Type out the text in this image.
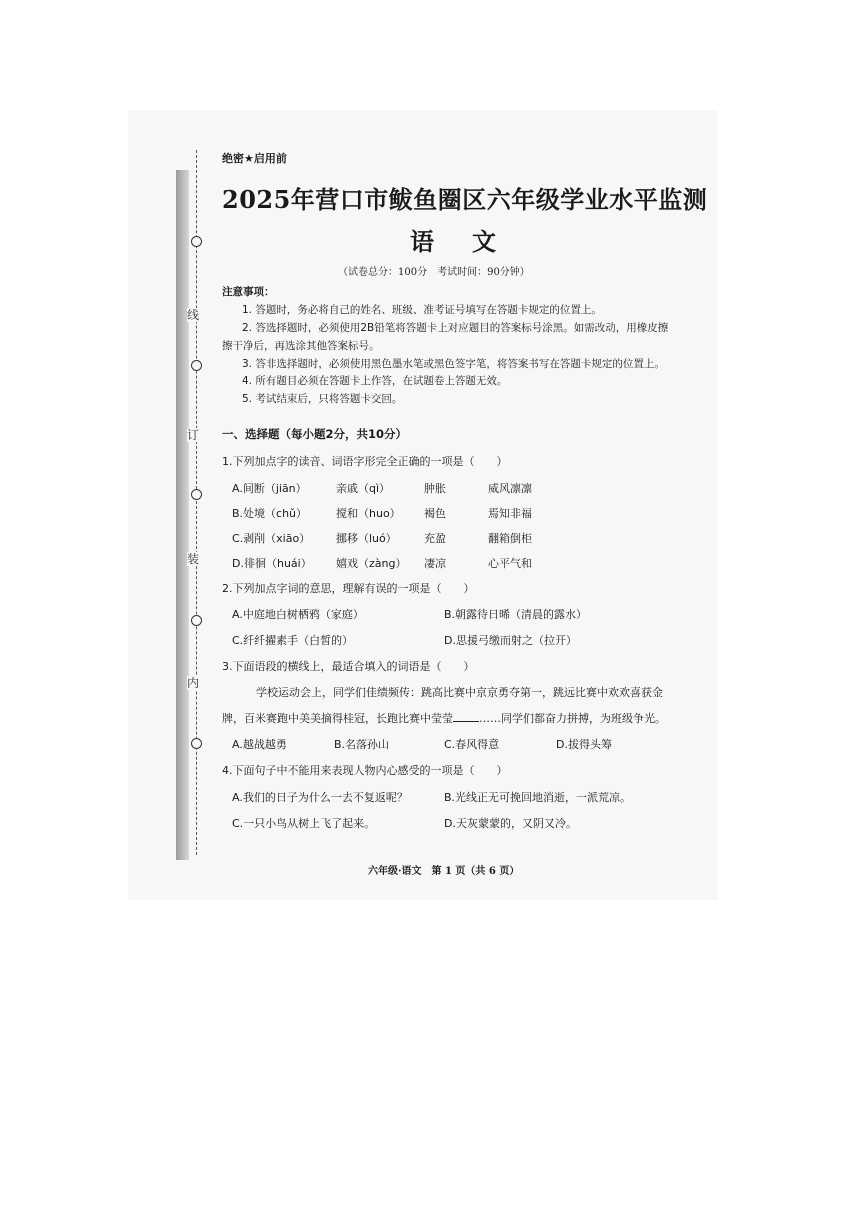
线
订
装
内
绝密★启用前
2025年营口市鲅鱼圈区六年级学业水平监测
语文
（试卷总分：100分　考试时间：90分钟）
注意事项：
1. 答题时，务必将自己的姓名、班级、准考证号填写在答题卡规定的位置上。
2. 答选择题时，必须使用2B铅笔将答题卡上对应题目的答案标号涂黑。如需改动，用橡皮擦
擦干净后，再选涂其他答案标号。
3. 答非选择题时，必须使用黑色墨水笔或黑色签字笔，将答案书写在答题卡规定的位置上。
4. 所有题目必须在答题卡上作答，在试题卷上答题无效。
5. 考试结束后，只将答题卡交回。
一、选择题（每小题2分，共10分）
1.下列加点字的读音、词语字形完全正确的一项是（　　）
A.间断（jiān）	亲戚（qì）	肿胀	威风凛凛
B.处境（chǔ）	搅和（huo） 褐色	焉知非福
C.剥削（xiāo） 挪移（luó） 充盈	翻箱倒柜
D.徘徊（huái） 嬉戏（zàng） 凄凉	心平气和
2.下列加点字词的意思，理解有误的一项是（　　）
A.中庭地白树栖鸦（家庭）	B.朝露待日晞（清晨的露水）
C.纤纤擢素手（白皙的）	D.思援弓缴而射之（拉开）
3.下面语段的横线上，最适合填入的词语是（　　）
学校运动会上，同学们佳绩频传：跳高比赛中京京勇夺第一，跳远比赛中欢欢喜获金
牌，百米赛跑中美美摘得桂冠，长跑比赛中莹莹 ……同学们都奋力拼搏，为班级争光。
A.越战越勇	B.名落孙山	C.春风得意	D.拔得头筹
4.下面句子中不能用来表现人物内心感受的一项是（　　）
A.我们的日子为什么一去不复返呢？	B.光线正无可挽回地消逝，一派荒凉。
C.一只小鸟从树上飞了起来。	D.天灰蒙蒙的，又阴又冷。
六年级·语文　第 1 页（共 6 页）
